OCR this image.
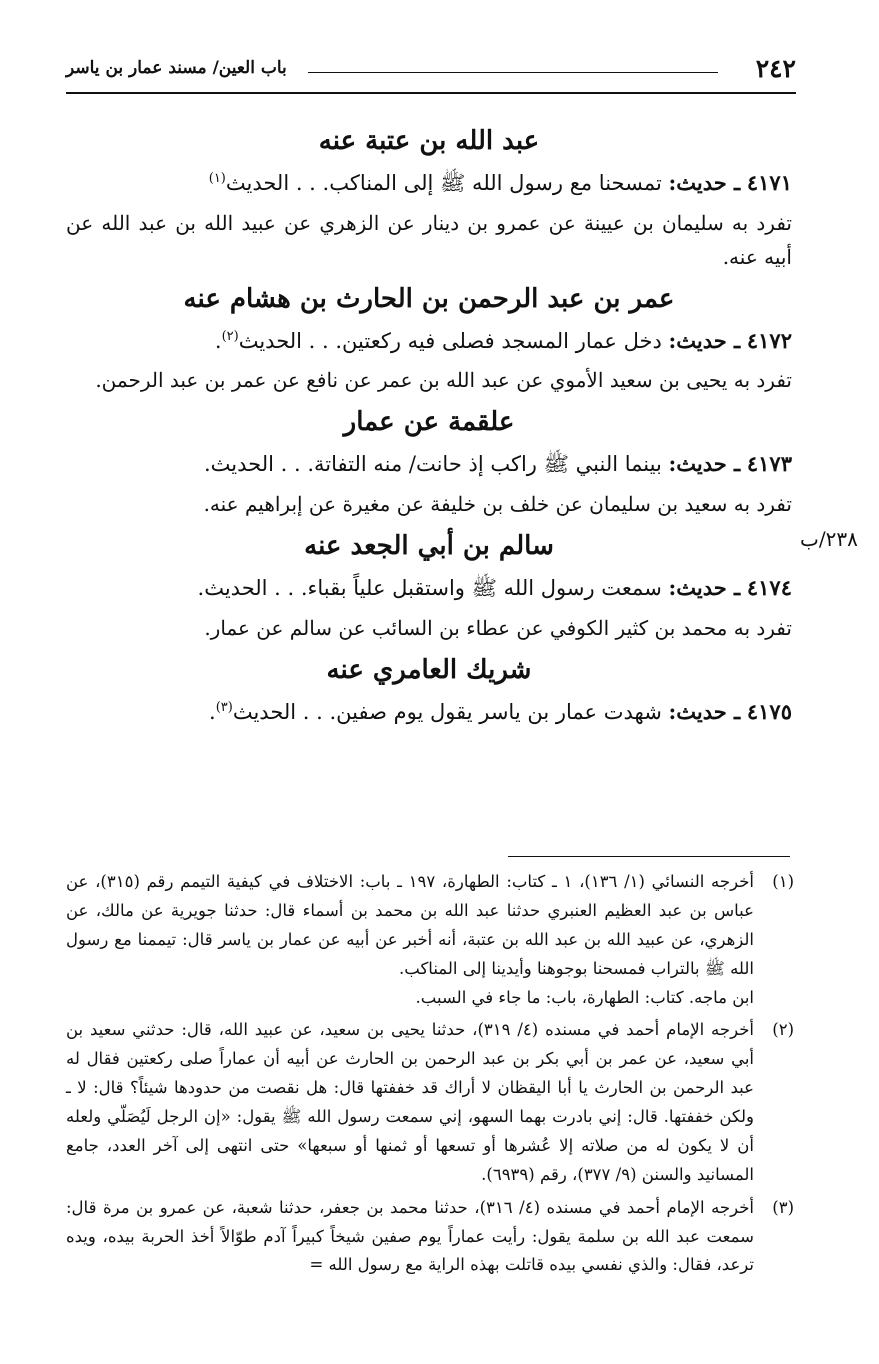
٢٤٢
باب العين/ مسند عمار بن ياسر
٢٣٨/ب
عبد الله بن عتبة عنه

٤١٧١ ـ حديث: تمسحنا مع رسول الله ﷺ إلى المناكب. . . الحديث$^{(١)}$

تفرد به سليمان بن عيينة عن عمرو بن دينار عن الزهري عن عبيد الله بن عبد الله عن أبيه عنه.

عمر بن عبد الرحمن بن الحارث بن هشام عنه

٤١٧٢ ـ حديث: دخل عمار المسجد فصلى فيه ركعتين. . . الحديث$^{(٢)}$.

تفرد به يحيى بن سعيد الأموي عن عبد الله بن عمر عن نافع عن عمر بن عبد الرحمن.

علقمة عن عمار

٤١٧٣ ـ حديث: بينما النبي ﷺ راكب إذ حانت/ منه التفاتة. . . الحديث.

تفرد به سعيد بن سليمان عن خلف بن خليفة عن مغيرة عن إبراهيم عنه.

سالم بن أبي الجعد عنه

٤١٧٤ ـ حديث: سمعت رسول الله ﷺ واستقبل علياً بقباء. . . الحديث.

تفرد به محمد بن كثير الكوفي عن عطاء بن السائب عن سالم عن عمار.

شريك العامري عنه

٤١٧٥ ـ حديث: شهدت عمار بن ياسر يقول يوم صفين. . . الحديث$^{(٣)}$.

(١)
أخرجه النسائي (١/ ١٣٦)، ١ ـ كتاب: الطهارة، ١٩٧ ـ باب: الاختلاف في كيفية التيمم رقم (٣١٥)، عن عباس بن عبد العظيم العنبري حدثنا عبد الله بن محمد بن أسماء قال: حدثنا جويرية عن مالك، عن الزهري، عن عبيد الله بن عبد الله بن عتبة، أنه أخبر عن أبيه عن عمار بن ياسر قال: تيممنا مع رسول الله ﷺ بالتراب فمسحنا بوجوهنا وأيدينا إلى المناكب.
ابن ماجه. كتاب: الطهارة، باب: ما جاء في السبب.
(٢)
أخرجه الإمام أحمد في مسنده (٤/ ٣١٩)، حدثنا يحيى بن سعيد، عن عبيد الله، قال: حدثني سعيد بن أبي سعيد، عن عمر بن أبي بكر بن عبد الرحمن بن الحارث عن أبيه أن عماراً صلى ركعتين فقال له عبد الرحمن بن الحارث يا أبا اليقظان لا أراك قد خففتها قال: هل نقصت من حدودها شيئاً؟ قال: لا ـ ولكن خففتها. قال: إني بادرت بهما السهو، إني سمعت رسول الله ﷺ يقول: «إن الرجل لَيُصَلّي ولعله أن لا يكون له من صلاته إلا عُشرها أو تسعها أو ثمنها أو سبعها» حتى انتهى إلى آخر العدد، جامع المسانيد والسنن (٩/ ٣٧٧)، رقم (٦٩٣٩).
(٣)
أخرجه الإمام أحمد في مسنده (٤/ ٣١٦)، حدثنا محمد بن جعفر، حدثنا شعبة، عن عمرو بن مرة قال: سمعت عبد الله بن سلمة يقول: رأيت عماراً يوم صفين شيخاً كبيراً آدم طوّالاً أخذ الحربة بيده، ويده ترعد، فقال: والذي نفسي بيده قاتلت بهذه الراية مع رسول الله =
